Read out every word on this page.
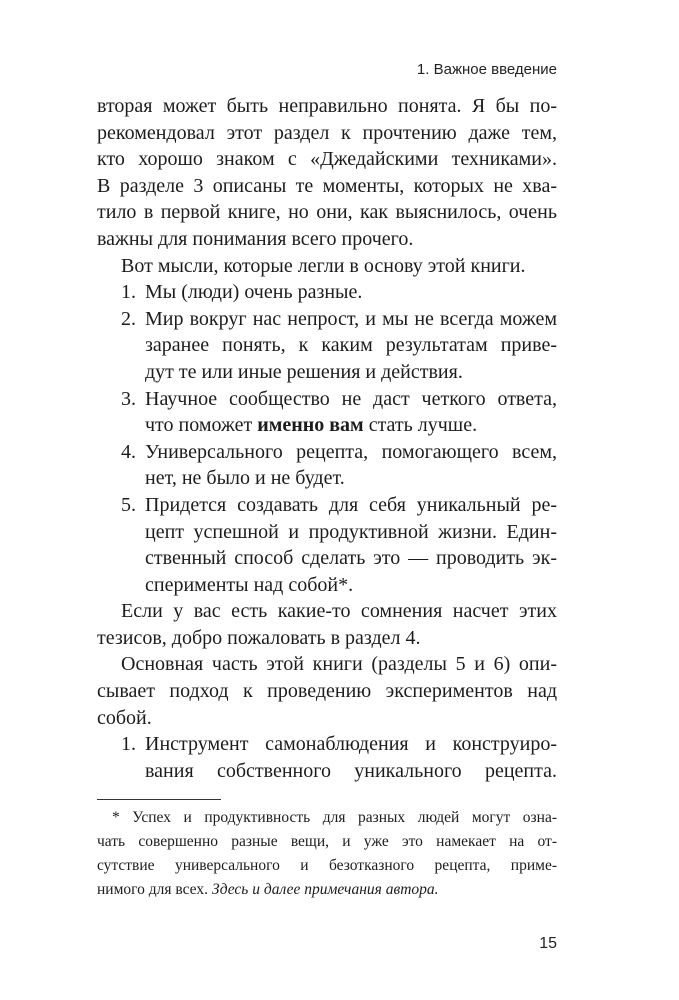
1. Важное введение
вторая может быть неправильно понята. Я бы по-
рекомендовал этот раздел к прочтению даже тем,
кто хорошо знаком с «Джедайскими техниками».
В разделе 3 описаны те моменты, которых не хва-
тило в первой книге, но они, как выяснилось, очень
важны для понимания всего прочего.
Вот мысли, которые легли в основу этой книги.
1. Мы (люди) очень разные.
2. Мир вокруг нас непрост, и мы не всегда можем
заранее понять, к каким результатам приве-
дут те или иные решения и действия.
3. Научное сообщество не даст четкого ответа,
что поможет именно вам стать лучше.
4. Универсального рецепта, помогающего всем,
нет, не было и не будет.
5. Придется создавать для себя уникальный ре-
цепт успешной и продуктивной жизни. Един-
ственный способ сделать это — проводить эк-
сперименты над собой*.
Если у вас есть какие-то сомнения насчет этих
тезисов, добро пожаловать в раздел 4.
Основная часть этой книги (разделы 5 и 6) опи-
сывает подход к проведению экспериментов над
собой.
1. Инструмент самонаблюдения и конструиро-
вания собственного уникального рецепта.
* Успех и продуктивность для разных людей могут озна-
чать совершенно разные вещи, и уже это намекает на от-
сутствие универсального и безотказного рецепта, приме-
нимого для всех. Здесь и далее примечания автора.
15
